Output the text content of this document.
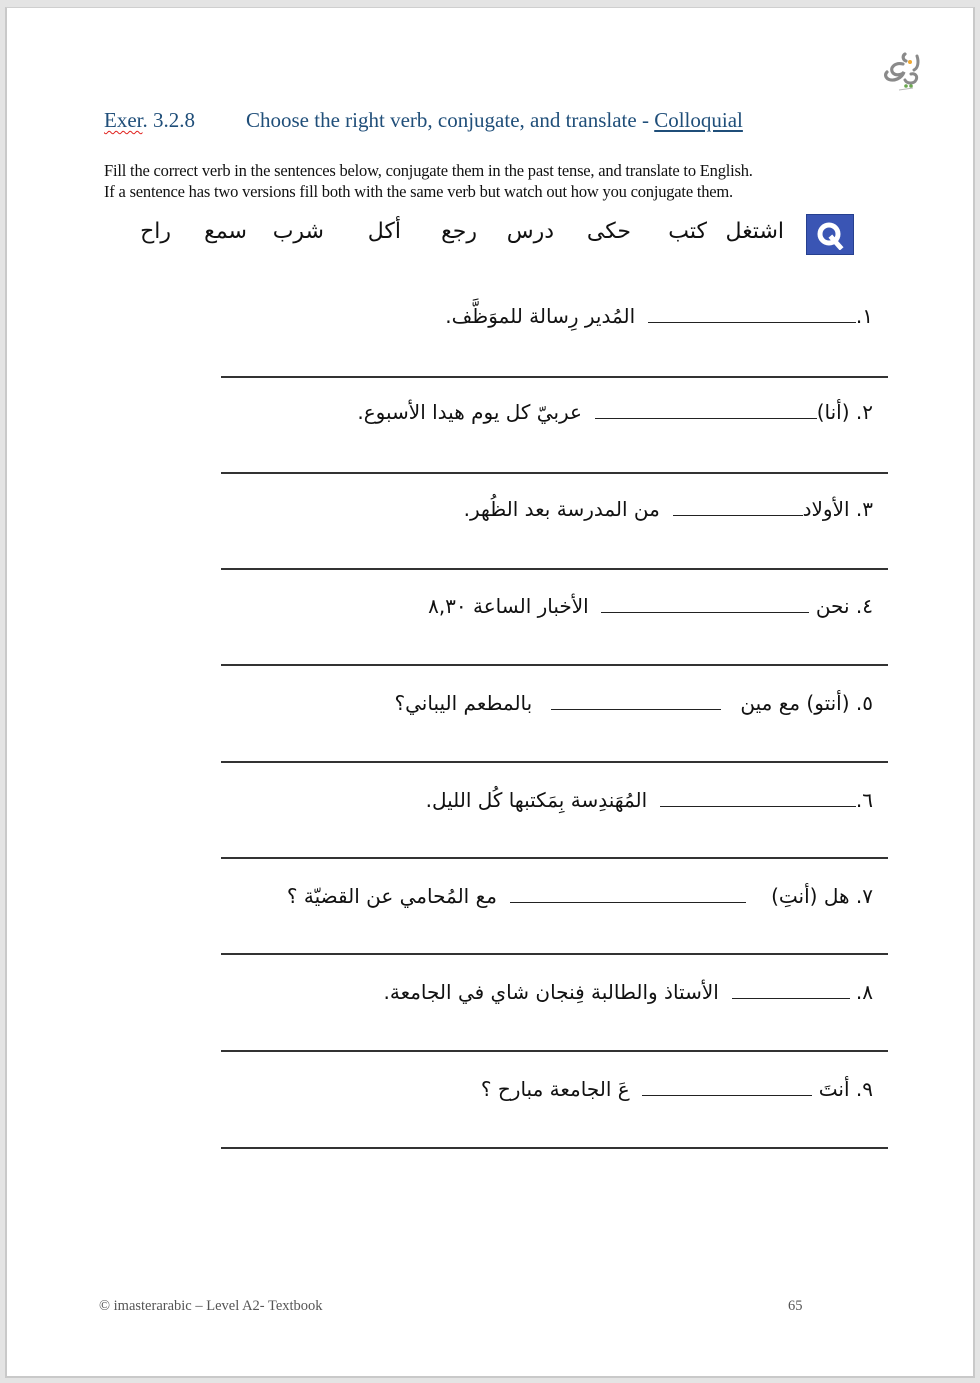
Exer. 3.2.8 Choose the right verb, conjugate, and translate - Colloquial
Fill the correct verb in the sentences below, conjugate them in the past tense, and translate to English.
If a sentence has two versions fill both with the same verb but watch out how you conjugate them.
اشتغل
كتب
حكى
درس
رجع
أكل
شرب
سمع
راح
١.  المُدير رِسالة للموَظَّف.
٢. (أنا)  عربيّ كل يوم هيدا الأسبوع.
٣. الأولاد  من المدرسة بعد الظُهر.
٤. نحن   الأخبار الساعة ٨,٣٠
٥. (أنتو) مع مين      بالمطعم اليباني؟
٦.  المُهَندِسة بِمَكتبها كُل الليل.
٧. هل (أنتِ)      مع المُحامي عن القضيّة ؟
٨.   الأستاذ والطالبة فِنجان شاي في الجامعة.
٩. أنتَ   عَ الجامعة مبارح ؟
© imasterarabic – Level A2- Textbook	65
